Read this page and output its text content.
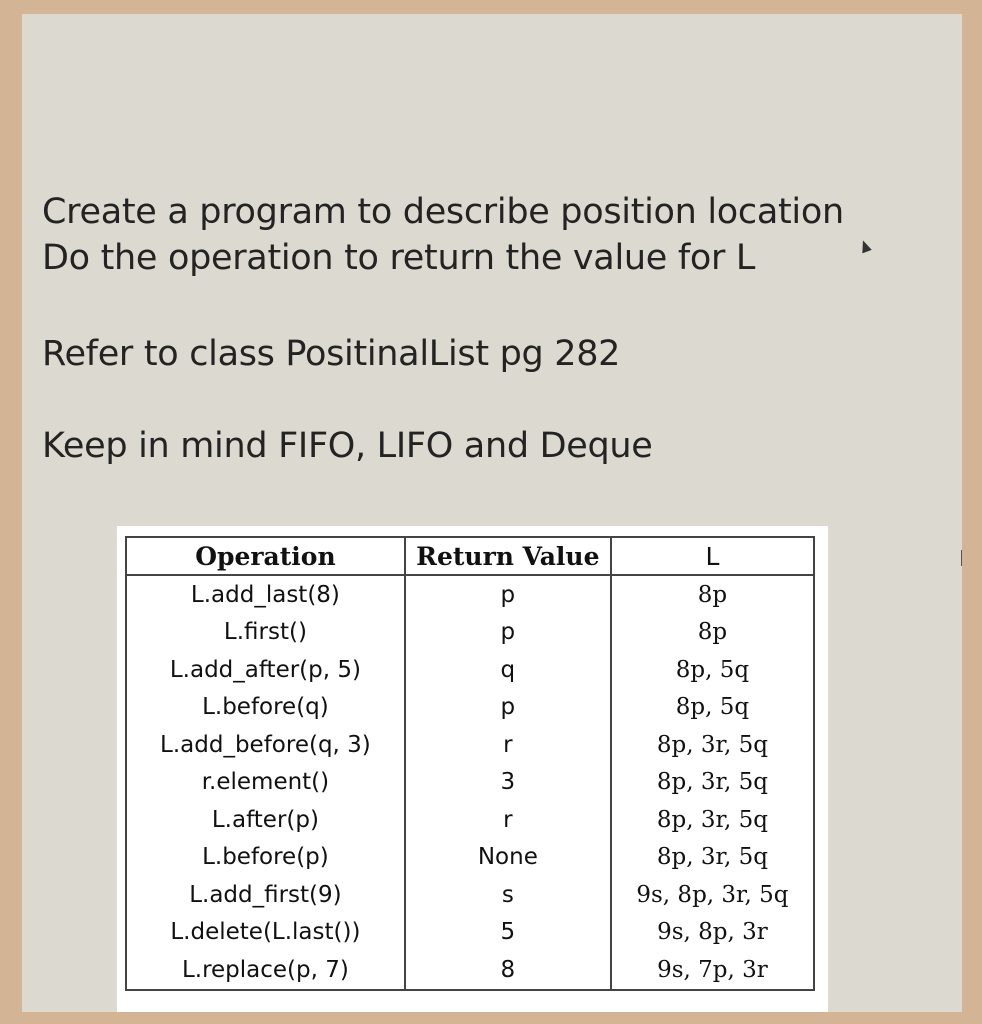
Create a program to describe position location
Do the operation to return the value for L
Refer to class PositinalList pg 282
Keep in mind FIFO, LIFO and Deque
Operation	Return Value	L
L.add_last(8)	p	8p
L.first()	p	8p
L.add_after(p, 5)	q	8p, 5q
L.before(q)	p	8p, 5q
L.add_before(q, 3)	r	8p, 3r, 5q
r.element()	3	8p, 3r, 5q
L.after(p)	r	8p, 3r, 5q
L.before(p)	None	8p, 3r, 5q
L.add_first(9)	s	9s, 8p, 3r, 5q
L.delete(L.last())	5	9s, 8p, 3r
L.replace(p, 7)	8	9s, 7p, 3r
